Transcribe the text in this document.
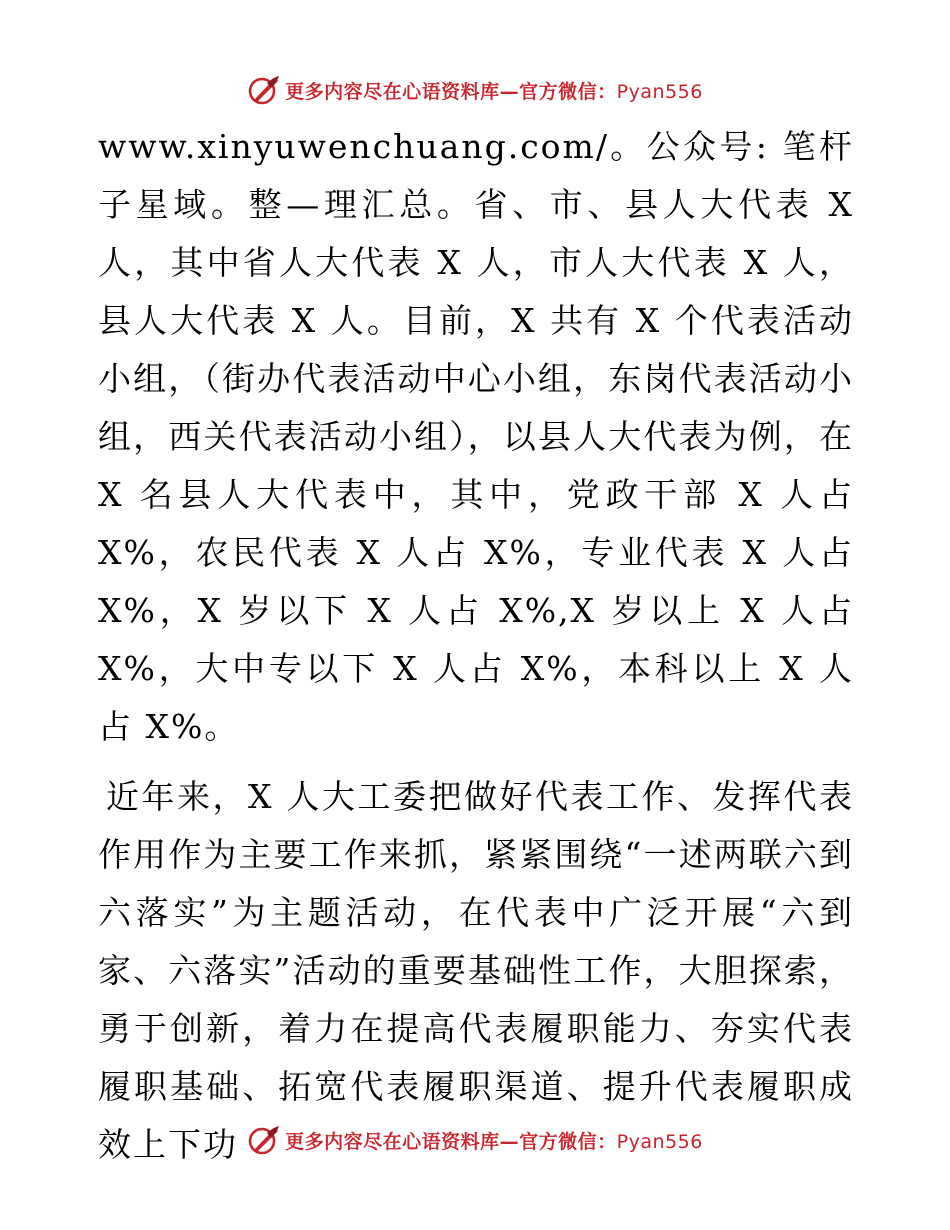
更多内容尽在心语资料库—官方微信：Pyan556

www.xinyuwenchuang.com/。公众号: 笔杆子星域。整—理汇总。省、市、县人大代表 X 人，其中省人大代表 X 人，市人大代表 X 人，县人大代表 X 人。目前，X 共有 X 个代表活动小组，（街办代表活动中心小组，东岗代表活动小组，西关代表活动小组），以县人大代表为例，在 X 名县人大代表中，其中，党政干部 X 人占 X%，农民代表 X 人占 X%，专业代表 X 人占 X%，X 岁以下 X 人占 X%,X 岁以上 X 人占 X%，大中专以下 X 人占 X%，本科以上 X 人占 X%。

近年来，X 人大工委把做好代表工作、发挥代表作用作为主要工作来抓，紧紧围绕“一述两联六到六落实”为主题活动，在代表中广泛开展“六到家、六落实”活动的重要基础性工作，大胆探索，勇于创新，着力在提高代表履职能力、夯实代表履职基础、拓宽代表履职渠道、提升代表履职成效上下功	更多内容尽在心语资料库—官方微信：Pyan556
